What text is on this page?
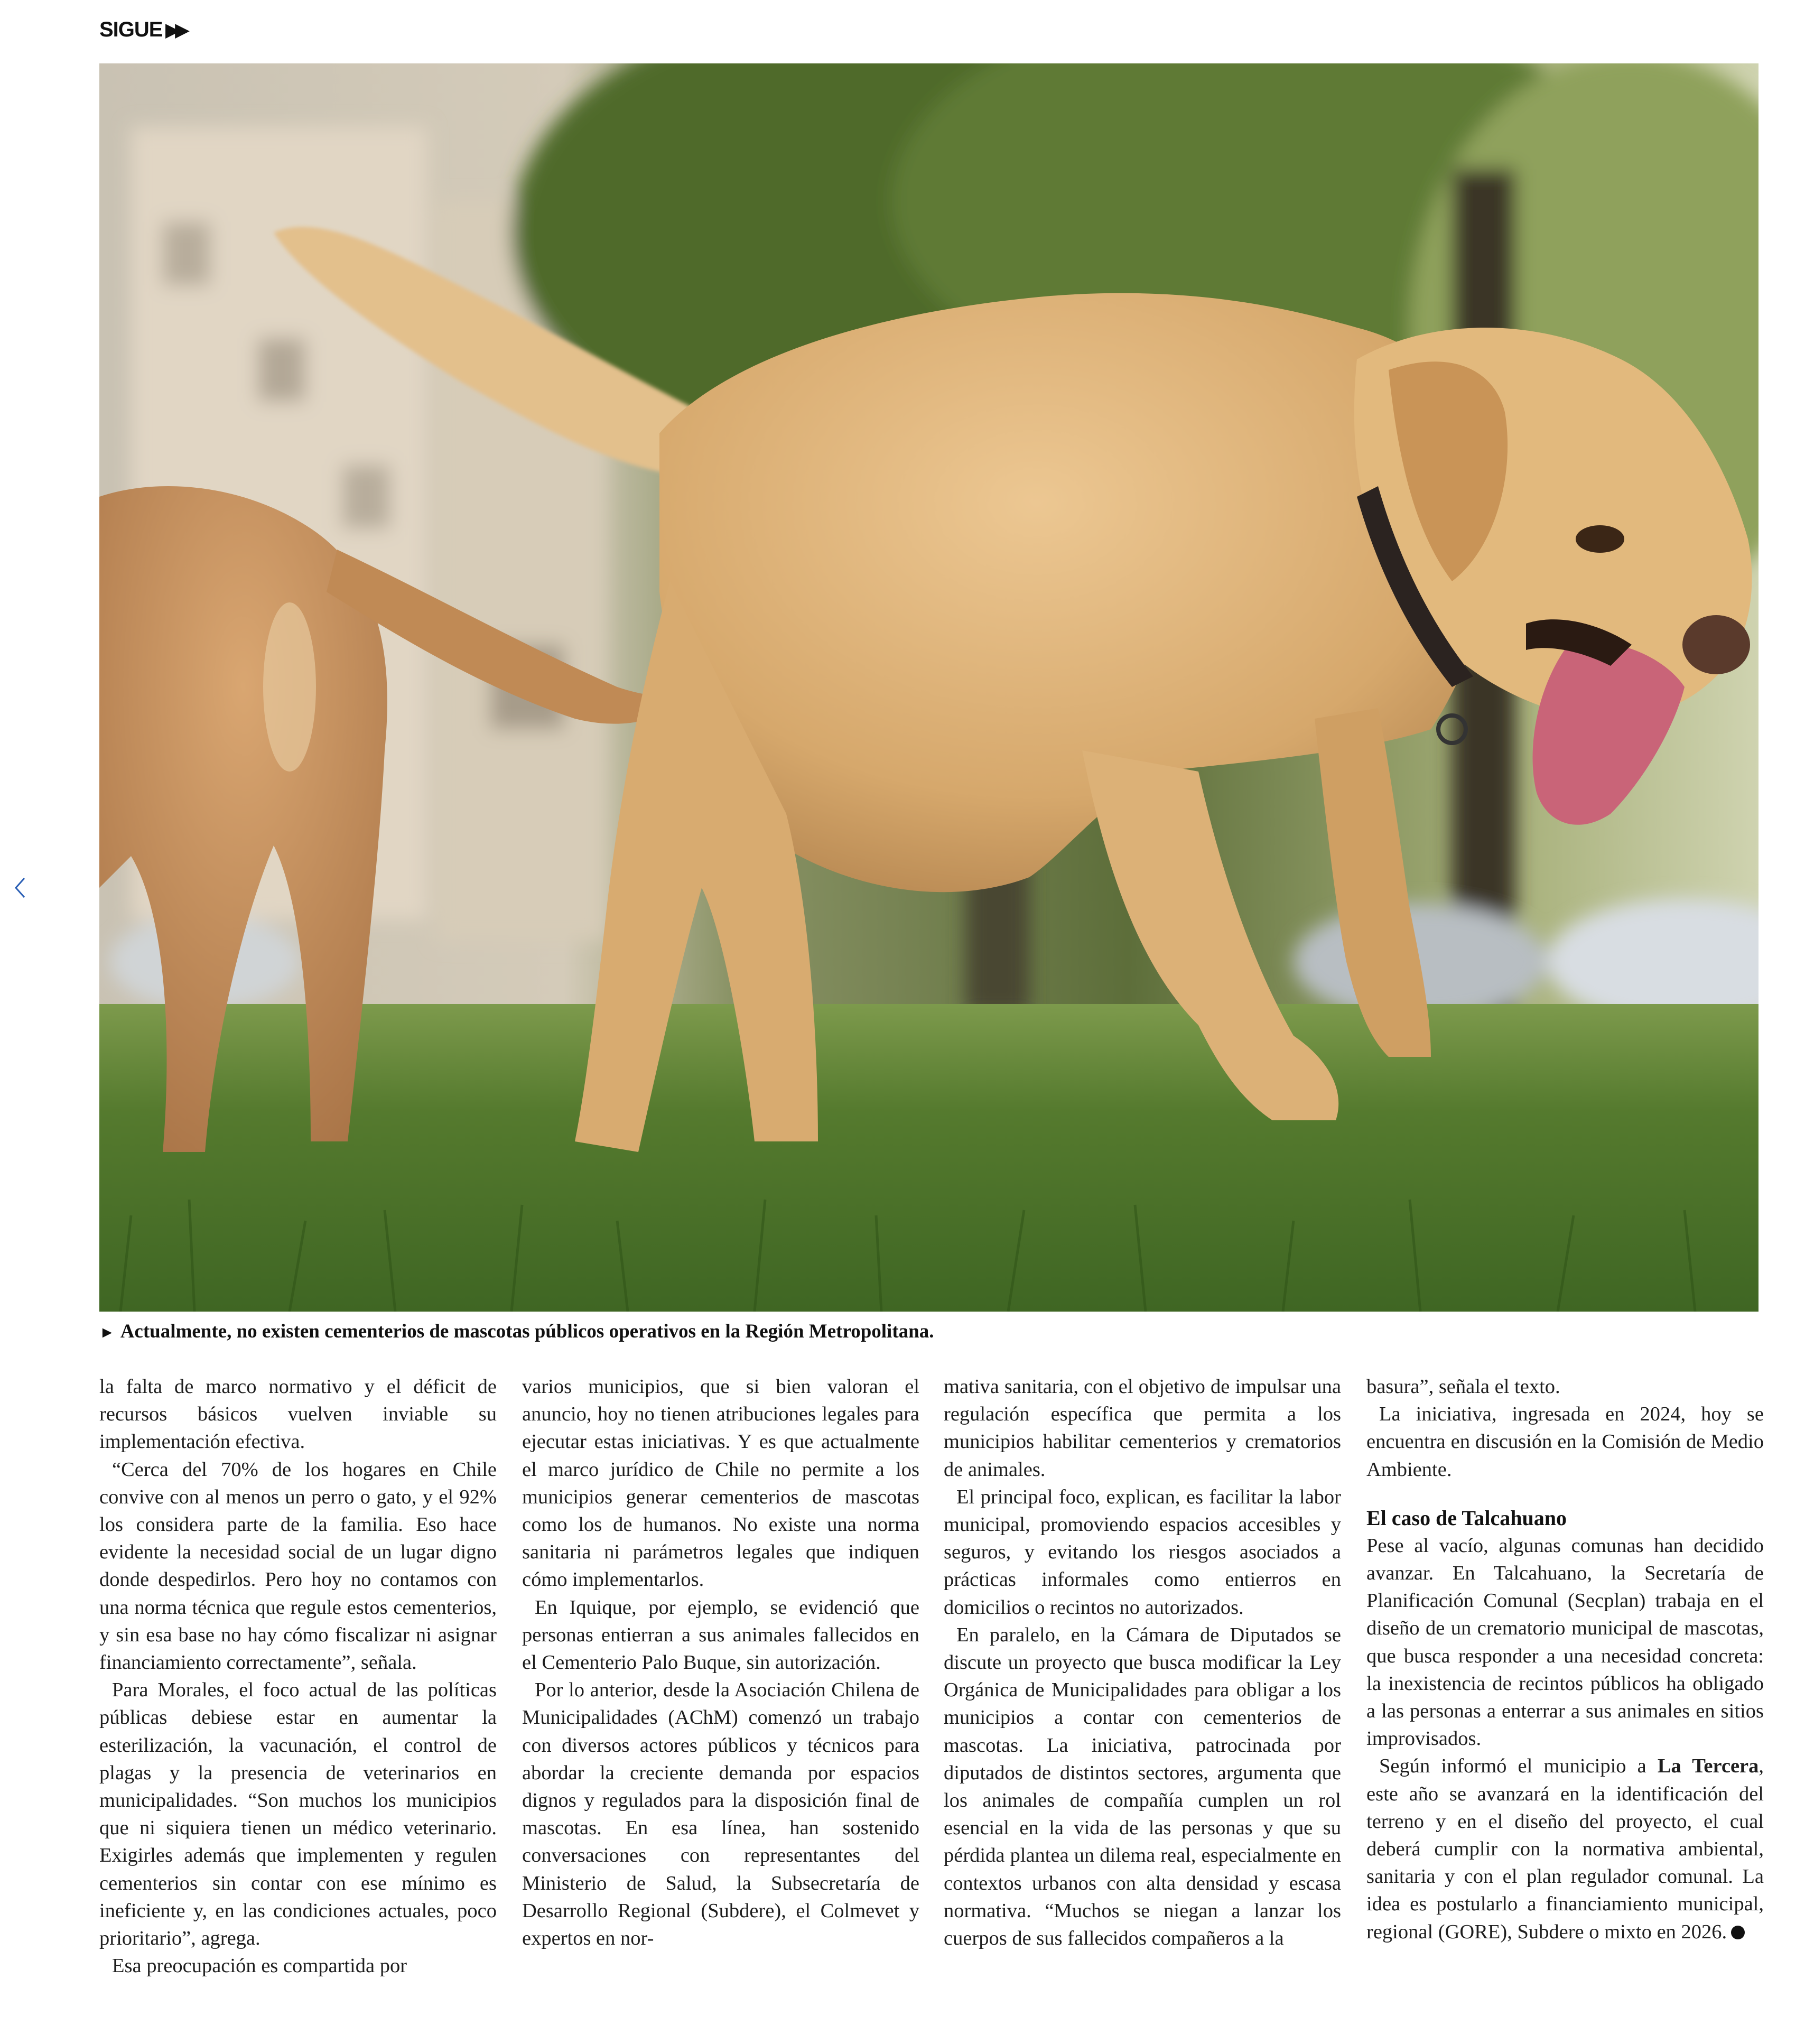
SIGUE ▶▶
► Actualmente, no existen cementerios de mascotas públicos operativos en la Región Metropolitana.

la falta de marco normativo y el déficit de recursos básicos vuelven inviable su implementación efectiva.

“Cerca del 70% de los hogares en Chile convive con al menos un perro o gato, y el 92% los considera parte de la familia. Eso hace evidente la necesidad social de un lugar digno donde despedirlos. Pero hoy no contamos con una norma técnica que regule estos cementerios, y sin esa base no hay cómo fiscalizar ni asignar financiamiento correctamente”, señala.

Para Morales, el foco actual de las políticas públicas debiese estar en aumentar la esterilización, la vacunación, el control de plagas y la presencia de veterinarios en municipalidades. “Son muchos los municipios que ni siquiera tienen un médico veterinario. Exigirles además que implementen y regulen cementerios sin contar con ese mínimo es ineficiente y, en las condiciones actuales, poco prioritario”, agrega.

Esa preocupación es compartida por

varios municipios, que si bien valoran el anuncio, hoy no tienen atribuciones legales para ejecutar estas iniciativas. Y es que actualmente el marco jurídico de Chile no permite a los municipios generar cementerios de mascotas como los de humanos. No existe una norma sanitaria ni parámetros legales que indiquen cómo implementarlos.

En Iquique, por ejemplo, se evidenció que personas entierran a sus animales fallecidos en el Cementerio Palo Buque, sin autorización.

Por lo anterior, desde la Asociación Chilena de Municipalidades (AChM) comenzó un trabajo con diversos actores públicos y técnicos para abordar la creciente demanda por espacios dignos y regulados para la disposición final de mascotas. En esa línea, han sostenido conversaciones con representantes del Ministerio de Salud, la Subsecretaría de Desarrollo Regional (Subdere), el Colmevet y expertos en nor-

mativa sanitaria, con el objetivo de impulsar una regulación específica que permita a los municipios habilitar cementerios y crematorios de animales.

El principal foco, explican, es facilitar la labor municipal, promoviendo espacios accesibles y seguros, y evitando los riesgos asociados a prácticas informales como entierros en domicilios o recintos no autorizados.

En paralelo, en la Cámara de Diputados se discute un proyecto que busca modificar la Ley Orgánica de Municipalidades para obligar a los municipios a contar con cementerios de mascotas. La iniciativa, patrocinada por diputados de distintos sectores, argumenta que los animales de compañía cumplen un rol esencial en la vida de las personas y que su pérdida plantea un dilema real, especialmente en contextos urbanos con alta densidad y escasa normativa. “Muchos se niegan a lanzar los cuerpos de sus fallecidos compañeros a la

basura”, señala el texto.

La iniciativa, ingresada en 2024, hoy se encuentra en discusión en la Comisión de Medio Ambiente.

El caso de Talcahuano

Pese al vacío, algunas comunas han decidido avanzar. En Talcahuano, la Secretaría de Planificación Comunal (Secplan) trabaja en el diseño de un crematorio municipal de mascotas, que busca responder a una necesidad concreta: la inexistencia de recintos públicos ha obligado a las personas a enterrar a sus animales en sitios improvisados.

Según informó el municipio a La Tercera, este año se avanzará en la identificación del terreno y en el diseño del proyecto, el cual deberá cumplir con la normativa ambiental, sanitaria y con el plan regulador comunal. La idea es postularlo a financiamiento municipal, regional (GORE), Subdere o mixto en 2026.
